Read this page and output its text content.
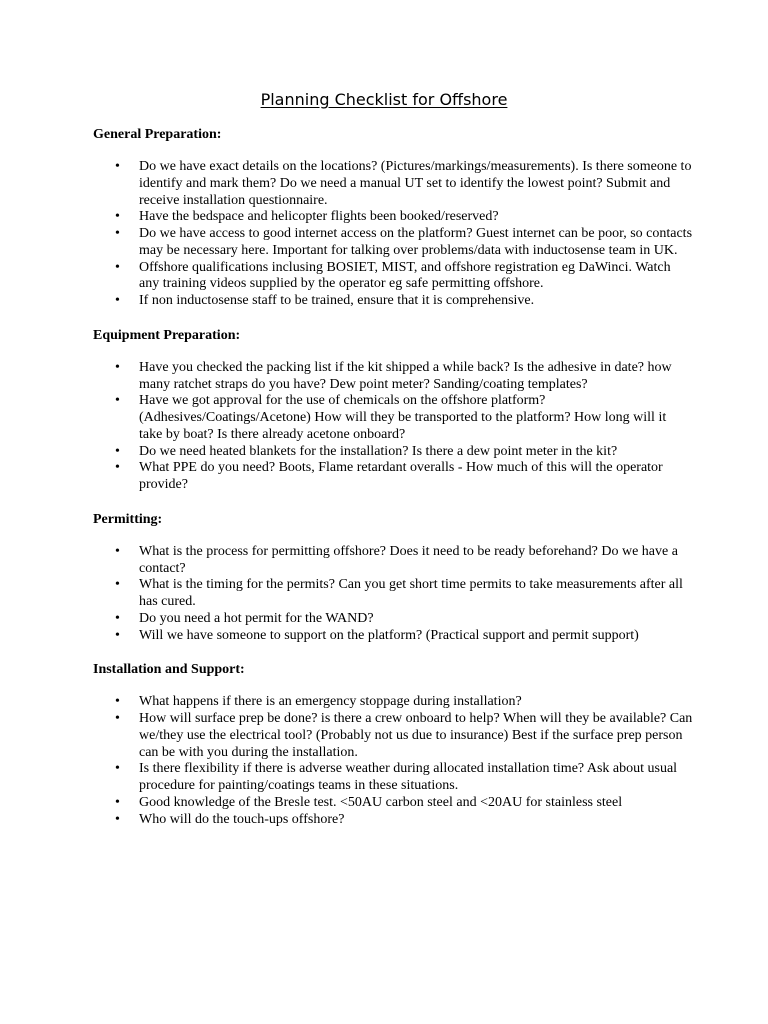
Planning Checklist for Offshore

General Preparation:

• Do we have exact details on the locations? (Pictures/markings/measurements). Is there someone to identify and mark them? Do we need a manual UT set to identify the lowest point? Submit and receive installation questionnaire.
• Have the bedspace and helicopter flights been booked/reserved?
• Do we have access to good internet access on the platform? Guest internet can be poor, so contacts may be necessary here. Important for talking over problems/data with inductosense team in UK.
• Offshore qualifications inclusing BOSIET, MIST, and offshore registration eg DaWinci. Watch any training videos supplied by the operator eg safe permitting offshore.
• If non inductosense staff to be trained, ensure that it is comprehensive.

Equipment Preparation:

• Have you checked the packing list if the kit shipped a while back? Is the adhesive in date? how many ratchet straps do you have? Dew point meter? Sanding/coating templates?
• Have we got approval for the use of chemicals on the offshore platform?(Adhesives/Coatings/Acetone) How will they be transported to the platform? How long will it take by boat? Is there already acetone onboard?
• Do we need heated blankets for the installation? Is there a dew point meter in the kit?
• What PPE do you need? Boots, Flame retardant overalls - How much of this will the operator provide?

Permitting:

• What is the process for permitting offshore? Does it need to be ready beforehand? Do we have a contact?
• What is the timing for the permits? Can you get short time permits to take measurements after all has cured.
• Do you need a hot permit for the WAND?
• Will we have someone to support on the platform? (Practical support and permit support)

Installation and Support:

• What happens if there is an emergency stoppage during installation?
• How will surface prep be done? is there a crew onboard to help? When will they be available? Can we/they use the electrical tool? (Probably not us due to insurance) Best if the surface prep person can be with you during the installation.
• Is there flexibility if there is adverse weather during allocated installation time? Ask about usual procedure for painting/coatings teams in these situations.
• Good knowledge of the Bresle test. <50AU carbon steel and <20AU for stainless steel
• Who will do the touch-ups offshore?
